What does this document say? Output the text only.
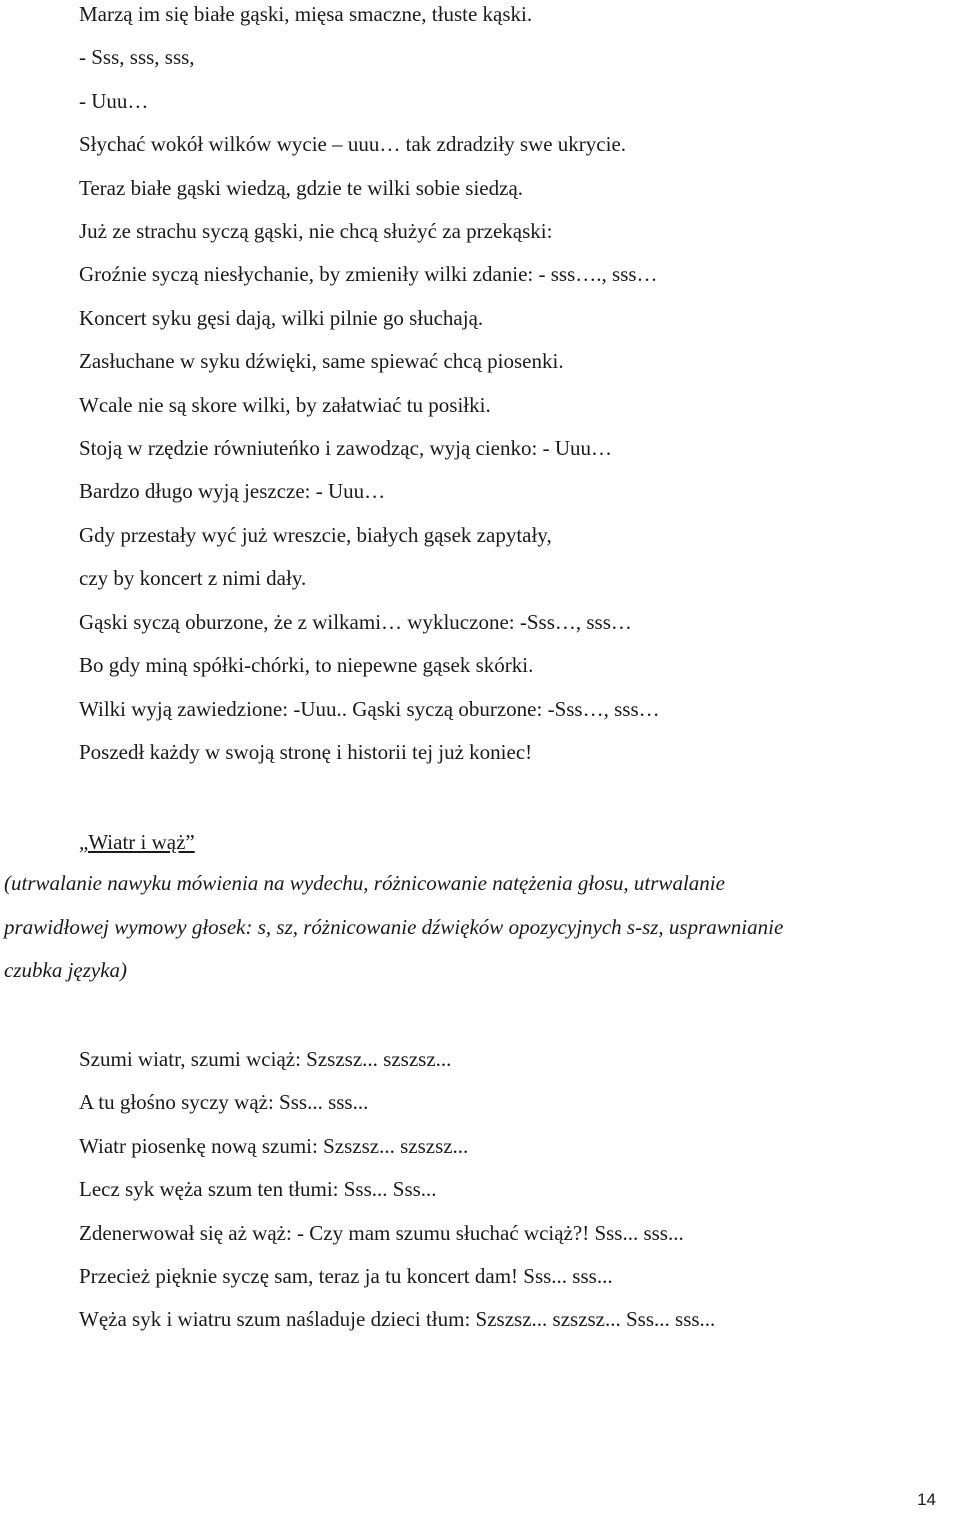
Marzą im się białe gąski, mięsa smaczne, tłuste kąski.
- Sss, sss, sss,
- Uuu…
Słychać wokół wilków wycie – uuu… tak zdradziły swe ukrycie.
Teraz białe gąski wiedzą, gdzie te wilki sobie siedzą.
Już ze strachu syczą gąski, nie chcą służyć za przekąski:
Groźnie syczą niesłychanie, by zmieniły wilki zdanie: - sss…., sss…
Koncert syku gęsi dają, wilki pilnie go słuchają.
Zasłuchane w syku dźwięki, same spiewać chcą piosenki.
Wcale nie są skore wilki, by załatwiać tu posiłki.
Stoją w rzędzie równiuteńko i zawodząc, wyją cienko: - Uuu…
Bardzo długo wyją jeszcze: - Uuu…
Gdy przestały wyć już wreszcie, białych gąsek zapytały,
czy by koncert z nimi dały.
Gąski syczą oburzone, że z wilkami… wykluczone: -Sss…, sss…
Bo gdy miną spółki-chórki, to niepewne gąsek skórki.
Wilki wyją zawiedzione: -Uuu.. Gąski syczą oburzone: -Sss…, sss…
Poszedł każdy w swoją stronę i historii tej już koniec!
„Wiatr i wąż”
(utrwalanie nawyku mówienia na wydechu, różnicowanie natężenia głosu, utrwalanie
prawidłowej wymowy głosek: s, sz, różnicowanie dźwięków opozycyjnych s-sz, usprawnianie
czubka języka)
Szumi wiatr, szumi wciąż: Szszsz... szszsz...
A tu głośno syczy wąż: Sss... sss...
Wiatr piosenkę nową szumi: Szszsz... szszsz...
Lecz syk węża szum ten tłumi: Sss... Sss...
Zdenerwował się aż wąż: - Czy mam szumu słuchać wciąż?! Sss... sss...
Przecież pięknie syczę sam, teraz ja tu koncert dam! Sss... sss...
Węża syk i wiatru szum naśladuje dzieci tłum: Szszsz... szszsz... Sss... sss...
14
